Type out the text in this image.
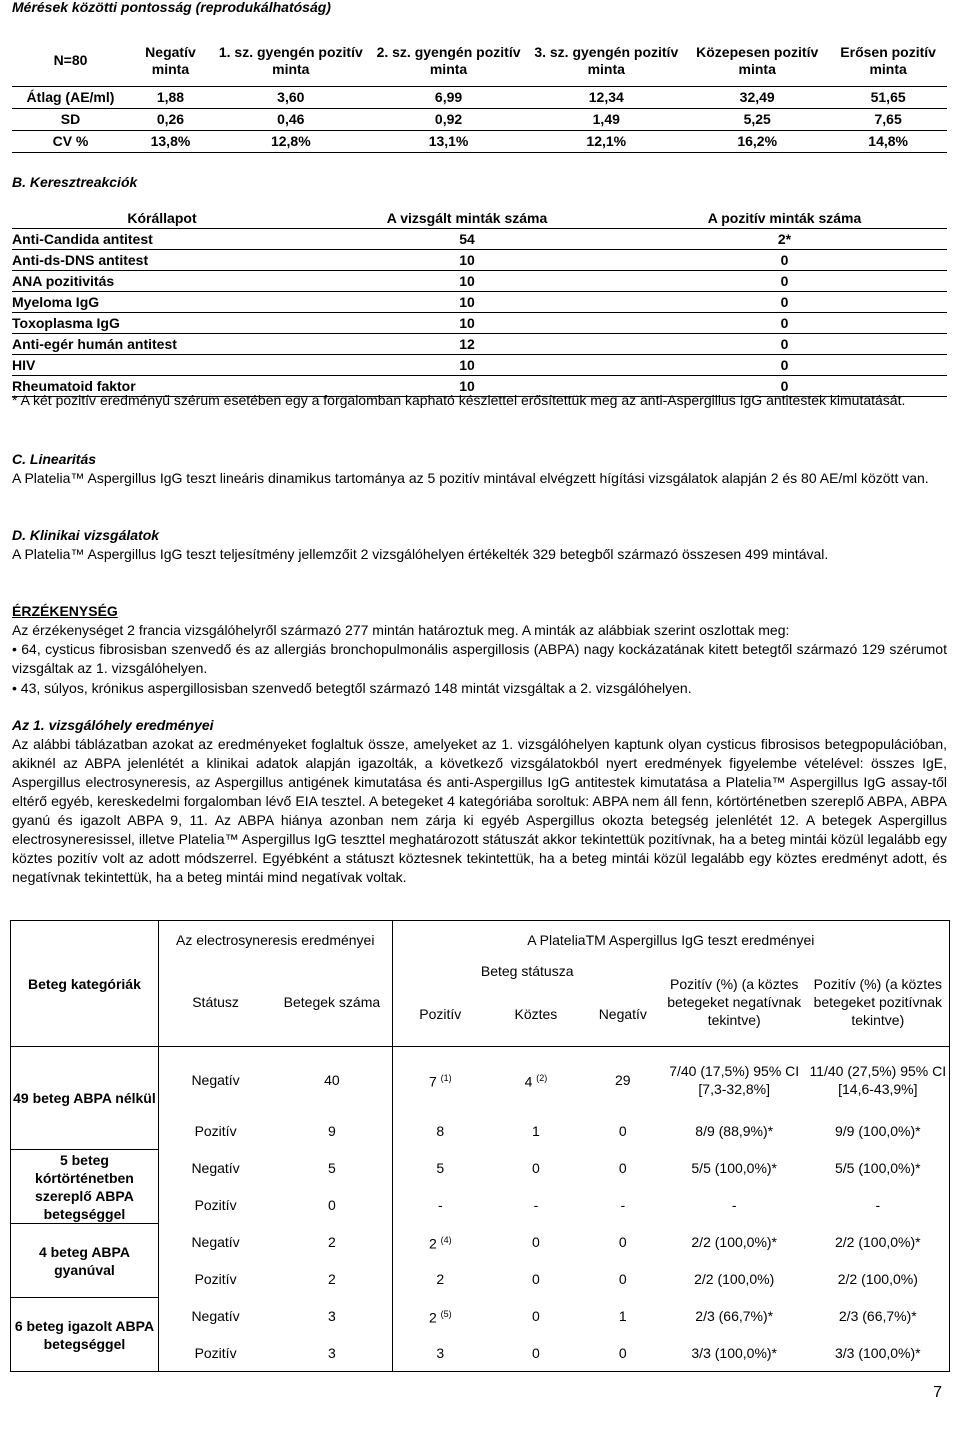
Mérések közötti pontosság (reprodukálhatóság)
N=80	Negatív minta	1. sz. gyengén pozitív minta	2. sz. gyengén pozitív minta	3. sz. gyengén pozitív minta	Közepesen pozitív minta	Erősen pozitív minta
Átlag (AE/ml)	1,88	3,60	6,99	12,34	32,49	51,65
SD	0,26	0,46	0,92	1,49	5,25	7,65
CV %	13,8%	12,8%	13,1%	12,1%	16,2%	14,8%
B. Keresztreakciók
Kórállapot	A vizsgált minták száma	A pozitív minták száma
Anti-Candida antitest	54	2*
Anti-ds-DNS antitest	10	0
ANA pozitivitás	10	0
Myeloma IgG	10	0
Toxoplasma IgG	10	0
Anti-egér humán antitest	12	0
HIV	10	0
Rheumatoid faktor	10	0
* A két pozitív eredményű szérum esetében egy a forgalomban kapható készlettel erősítettük meg az anti-Aspergillus IgG antitestek kimutatását.
C. Linearitás
A Platelia™ Aspergillus IgG teszt lineáris dinamikus tartománya az 5 pozitív mintával elvégzett hígítási vizsgálatok alapján 2 és 80 AE/ml között van.
D. Klinikai vizsgálatok
A Platelia™ Aspergillus IgG teszt teljesítmény jellemzőit 2 vizsgálóhelyen értékelték 329 betegből származó összesen 499 mintával.
ÉRZÉKENYSÉG
Az érzékenységet 2 francia vizsgálóhelyről származó 277 mintán határoztuk meg. A minták az alábbiak szerint oszlottak meg:
• 64, cysticus fibrosisban szenvedő és az allergiás bronchopulmonális aspergillosis (ABPA) nagy kockázatának kitett betegtől származó 129 szérumot vizsgáltak az 1. vizsgálóhelyen.
• 43, súlyos, krónikus aspergillosisban szenvedő betegtől származó 148 mintát vizsgáltak a 2. vizsgálóhelyen.
Az 1. vizsgálóhely eredményei
Az alábbi táblázatban azokat az eredményeket foglaltuk össze, amelyeket az 1. vizsgálóhelyen kaptunk olyan cysticus fibrosisos betegpopulációban, akiknél az ABPA jelenlétét a klinikai adatok alapján igazolták, a következő vizsgálatokból nyert eredmények figyelembe vételével: összes IgE, Aspergillus electrosyneresis, az Aspergillus antigének kimutatása és anti-Aspergillus IgG antitestek kimutatása a Platelia™ Aspergillus IgG assay-től eltérő egyéb, kereskedelmi forgalomban lévő EIA tesztel. A betegeket 4 kategóriába soroltuk: ABPA nem áll fenn, kórtörténetben szereplő ABPA, ABPA gyanú és igazolt ABPA 9, 11. Az ABPA hiánya azonban nem zárja ki egyéb Aspergillus okozta betegség jelenlétét 12. A betegek Aspergillus electrosyneresissel, illetve Platelia™ Aspergillus IgG teszttel meghatározott státuszát akkor tekintettük pozitívnak, ha a beteg mintái közül legalább egy köztes pozitív volt az adott módszerrel. Egyébként a státuszt köztesnek tekintettük, ha a beteg mintái közül legalább egy köztes eredményt adott, és negatívnak tekintettük, ha a beteg mintái mind negatívak voltak.
Beteg kategóriák	Az electrosyneresis eredményei		A PlateliaTM Aspergillus IgG teszt eredményei				
	Státusz	Betegek száma	Beteg státusza			Pozitív (%) (a köztes betegeket negatívnak tekintve)	Pozitív (%) (a köztes betegeket pozitívnak tekintve)
			Pozitív	Köztes	Negatív		
49 beteg ABPA nélkül	Negatív	40	7 $^{(1)}$	4 $^{(2)}$	29	7/40 (17,5%) 95% CI [7,3-32,8%]	11/40 (27,5%) 95% CI [14,6-43,9%]
	Pozitív	9	8	1	0	8/9 (88,9%)*	9/9 (100,0%)*
5 beteg kórtörténetben szereplő ABPA betegséggel	Negatív	5	5	0	0	5/5 (100,0%)*	5/5 (100,0%)*
	Pozitív	0	-	-	-	-	-
4 beteg ABPA gyanúval	Negatív	2	2 $^{(4)}$	0	0	2/2 (100,0%)*	2/2 (100,0%)*
	Pozitív	2	2	0	0	2/2 (100,0%)	2/2 (100,0%)
6 beteg igazolt ABPA betegséggel	Negatív	3	2 $^{(5)}$	0	1	2/3 (66,7%)*	2/3 (66,7%)*
	Pozitív	3	3	0	0	3/3 (100,0%)*	3/3 (100,0%)*
7
